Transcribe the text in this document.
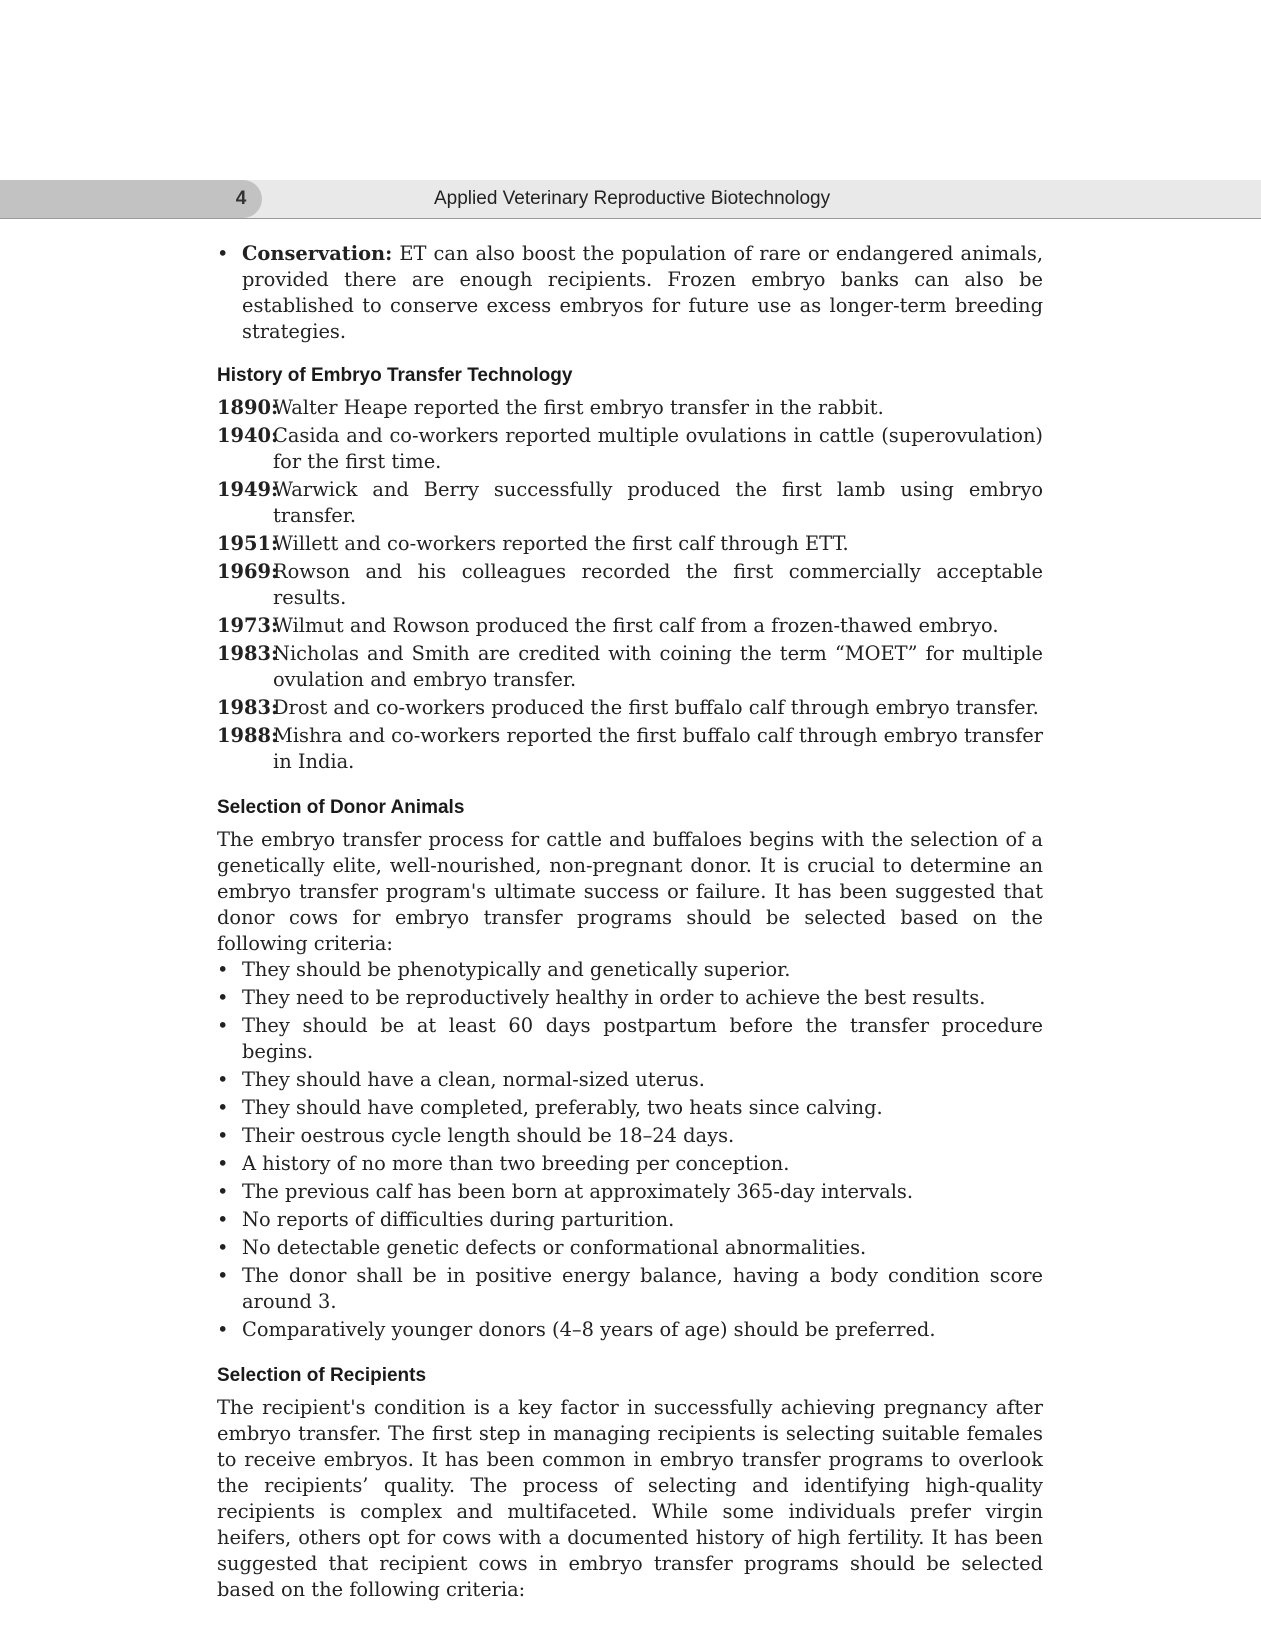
4	Applied Veterinary Reproductive Biotechnology
• Conservation: ET can also boost the population of rare or endangered animals, provided there are enough recipients. Frozen embryo banks can also be established to conserve excess embryos for future use as longer-term breeding strategies.
History of Embryo Transfer Technology
1890:
Walter Heape reported the first embryo transfer in the rabbit.
1940:
Casida and co-workers reported multiple ovulations in cattle (superovulation) for the first time.
1949:
Warwick and Berry successfully produced the first lamb using embryo transfer.
1951:
Willett and co-workers reported the first calf through ETT.
1969:
Rowson and his colleagues recorded the first commercially acceptable results.
1973:
Wilmut and Rowson produced the first calf from a frozen-thawed embryo.
1983:
Nicholas and Smith are credited with coining the term “MOET” for multiple ovulation and embryo transfer.
1983:
Drost and co-workers produced the first buffalo calf through embryo transfer.
1988:
Mishra and co-workers reported the first buffalo calf through embryo transfer in India.
Selection of Donor Animals

The embryo transfer process for cattle and buffaloes begins with the selection of a genetically elite, well-nourished, non-pregnant donor. It is crucial to determine an embryo transfer program's ultimate success or failure. It has been suggested that donor cows for embryo transfer programs should be selected based on the following criteria:

• They should be phenotypically and genetically superior.
• They need to be reproductively healthy in order to achieve the best results.
• They should be at least 60 days postpartum before the transfer procedure begins.
• They should have a clean, normal-sized uterus.
• They should have completed, preferably, two heats since calving.
• Their oestrous cycle length should be 18–24 days.
• A history of no more than two breeding per conception.
• The previous calf has been born at approximately 365-day intervals.
• No reports of difficulties during parturition.
• No detectable genetic defects or conformational abnormalities.
• The donor shall be in positive energy balance, having a body condition score around 3.
• Comparatively younger donors (4–8 years of age) should be preferred.
Selection of Recipients

The recipient's condition is a key factor in successfully achieving pregnancy after embryo transfer. The first step in managing recipients is selecting suitable females to receive embryos. It has been common in embryo transfer programs to overlook the recipients’ quality. The process of selecting and identifying high-quality recipients is complex and multifaceted. While some individuals prefer virgin heifers, others opt for cows with a documented history of high fertility. It has been suggested that recipient cows in embryo transfer programs should be selected based on the following criteria:
